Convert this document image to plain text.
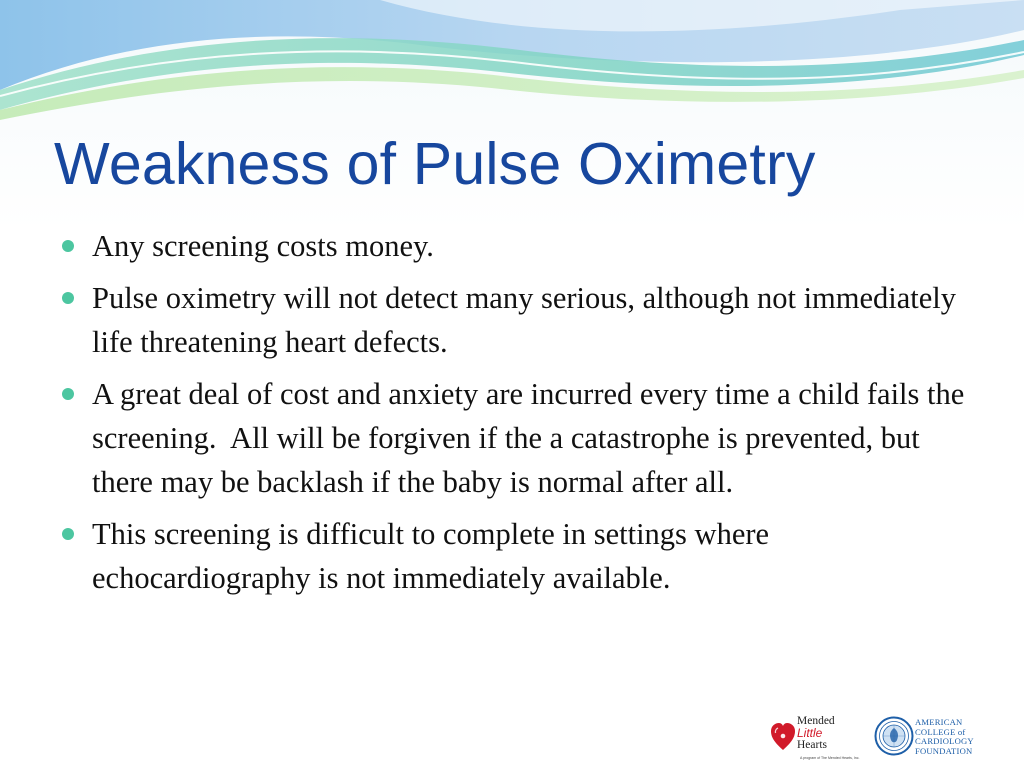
Weakness of Pulse Oximetry
Any screening costs money.
Pulse oximetry will not detect many serious, although not immediately life threatening heart defects.
A great deal of cost and anxiety are incurred every time a child fails the screening.  All will be forgiven if the a catastrophe is prevented, but there may be backlash if the baby is normal after all.
This screening is difficult to complete in settings where echocardiography is not immediately available.
Mended
Little
Hearts
A program of The Mended Hearts, Inc.
AMERICAN
COLLEGE of
CARDIOLOGY
FOUNDATION
